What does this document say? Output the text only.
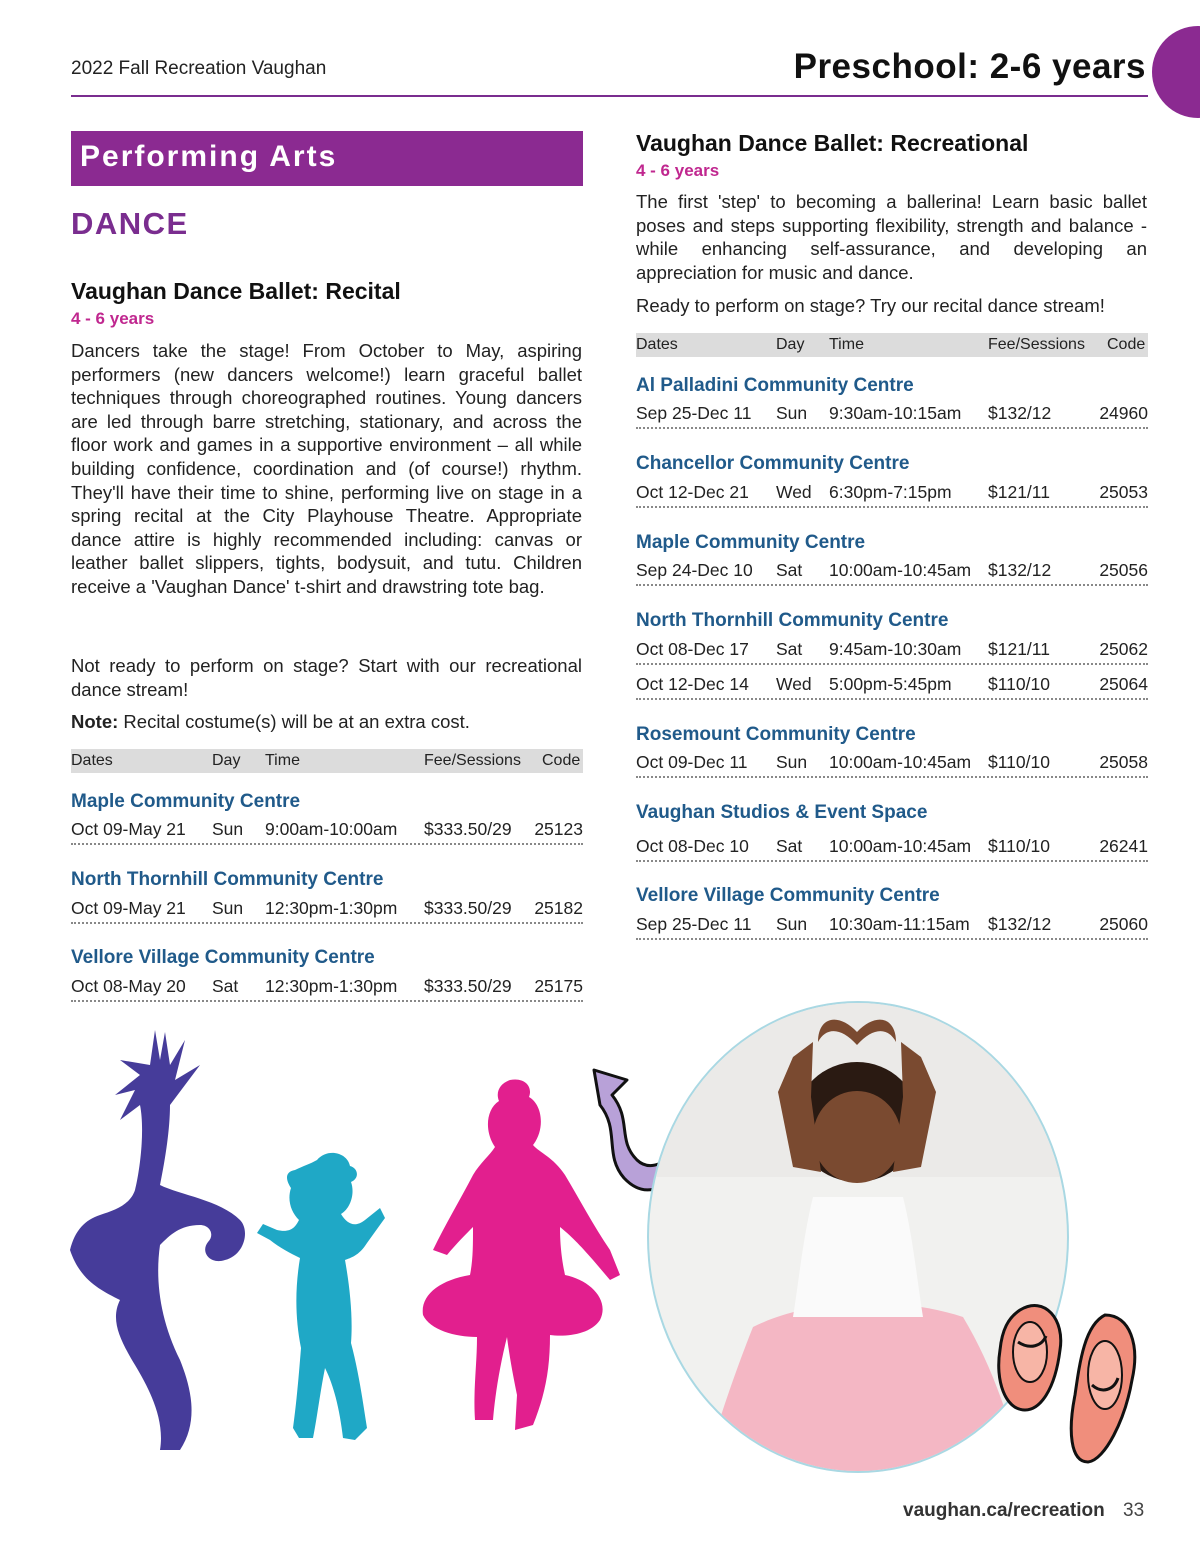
2022 Fall Recreation Vaughan	Preschool: 2-6 years
Performing Arts
DANCE
Vaughan Dance Ballet: Recital
4 - 6 years

Dancers take the stage! From October to May, aspiring performers (new dancers welcome!) learn graceful ballet techniques through choreographed routines. Young dancers are led through barre stretching, stationary, and across the floor work and games in a supportive environment – all while building confidence, coordination and (of course!) rhythm. They'll have their time to shine, performing live on stage in a spring recital at the City Playhouse Theatre. Appropriate dance attire is highly recommended including: canvas or leather ballet slippers, tights, bodysuit, and tutu. Children receive a 'Vaughan Dance' t-shirt and drawstring tote bag.

Not ready to perform on stage? Start with our recreational dance stream!

Note: Recital costume(s) will be at an extra cost.

Dates	Day Time	Fee/Sessions Code
Maple Community Centre
Oct 09-May 21 Sun 9:00am-10:00am $333.50/29 25123
North Thornhill Community Centre
Oct 09-May 21 Sun 12:30pm-1:30pm $333.50/29 25182
Vellore Village Community Centre
Oct 08-May 20 Sat 12:30pm-1:30pm $333.50/29 25175
Vaughan Dance Ballet: Recreational
4 - 6 years

The first 'step' to becoming a ballerina! Learn basic ballet poses and steps supporting flexibility, strength and balance - while enhancing self-assurance, and developing an appreciation for music and dance.

Ready to perform on stage? Try our recital dance stream!

Dates	Day Time	Fee/Sessions Code
Al Palladini Community Centre
Sep 25-Dec 11 Sun 9:30am-10:15am $132/12	24960
Chancellor Community Centre
Oct 12-Dec 21 Wed 6:30pm-7:15pm $121/11	25053
Maple Community Centre
Sep 24-Dec 10 Sat 10:00am-10:45am $132/12	25056
North Thornhill Community Centre
Oct 08-Dec 17 Sat 9:45am-10:30am $121/11	25062
Oct 12-Dec 14 Wed 5:00pm-5:45pm $110/10	25064
Rosemount Community Centre
Oct 09-Dec 11 Sun 10:00am-10:45am $110/10	25058
Vaughan Studios & Event Space
Oct 08-Dec 10 Sat 10:00am-10:45am $110/10	26241
Vellore Village Community Centre
Sep 25-Dec 11 Sun 10:30am-11:15am $132/12	25060
vaughan.ca/recreation 33
